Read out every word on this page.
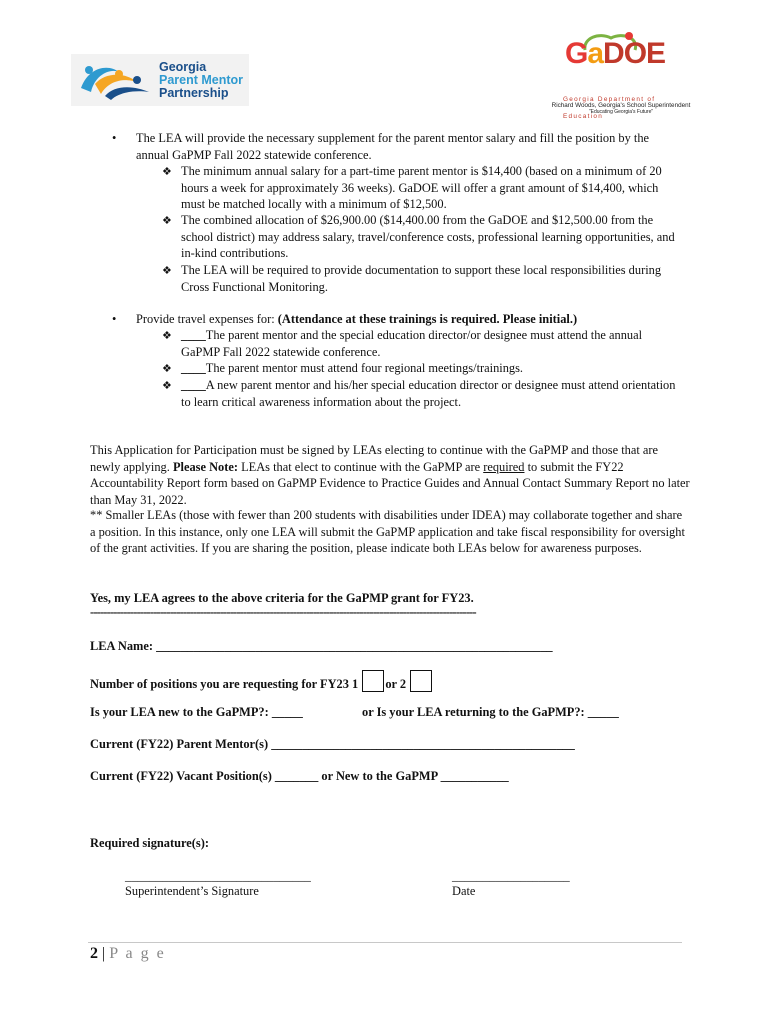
Georgia
Parent Mentor
Partnership
GaDOE
Georgia Department of Education
Richard Woods, Georgia's School Superintendent
"Educating Georgia's Future"
• The LEA will provide the necessary supplement for the parent mentor salary and fill the position by the annual GaPMP Fall 2022 statewide conference.
❖ The minimum annual salary for a part-time parent mentor is $14,400 (based on a minimum of 20 hours a week for approximately 36 weeks). GaDOE will offer a grant amount of $14,400, which must be matched locally with a minimum of $12,500.
❖ The combined allocation of $26,900.00 ($14,400.00 from the GaDOE and $12,500.00 from the school district) may address salary, travel/conference costs, professional learning opportunities, and in-kind contributions.
❖ The LEA will be required to provide documentation to support these local responsibilities during Cross Functional Monitoring.
• Provide travel expenses for: (Attendance at these trainings is required. Please initial.)
❖ ____The parent mentor and the special education director/or designee must attend the annual GaPMP Fall 2022 statewide conference.
❖ ____The parent mentor must attend four regional meetings/trainings.
❖ ____A new parent mentor and his/her special education director or designee must attend orientation to learn critical awareness information about the project.
This Application for Participation must be signed by LEAs electing to continue with the GaPMP and those that are newly applying. Please Note: LEAs that elect to continue with the GaPMP are required to submit the FY22 Accountability Report form based on GaPMP Evidence to Practice Guides and Annual Contact Summary Report no later than May 31, 2022.
** Smaller LEAs (those with fewer than 200 students with disabilities under IDEA) may collaborate together and share a position. In this instance, only one LEA will submit the GaPMP application and take fiscal responsibility for oversight of the grant activities. If you are sharing the position, please indicate both LEAs below for awareness purposes.
Yes, my LEA agrees to the above criteria for the GaPMP grant for FY23.
--------------------------------------------------------------------------------------------------------------------
LEA Name: ________________________________________________________________
Number of positions you are requesting for FY23 1 or 2
Is your LEA new to the GaPMP?: _____	or Is your LEA returning to the GaPMP?: _____
Current (FY22) Parent Mentor(s) _________________________________________________
Current (FY22) Vacant Position(s) _______ or New to the GaPMP ___________
Required signature(s):
______________________________
Superintendent’s Signature
___________________
Date
2 | P a g e
